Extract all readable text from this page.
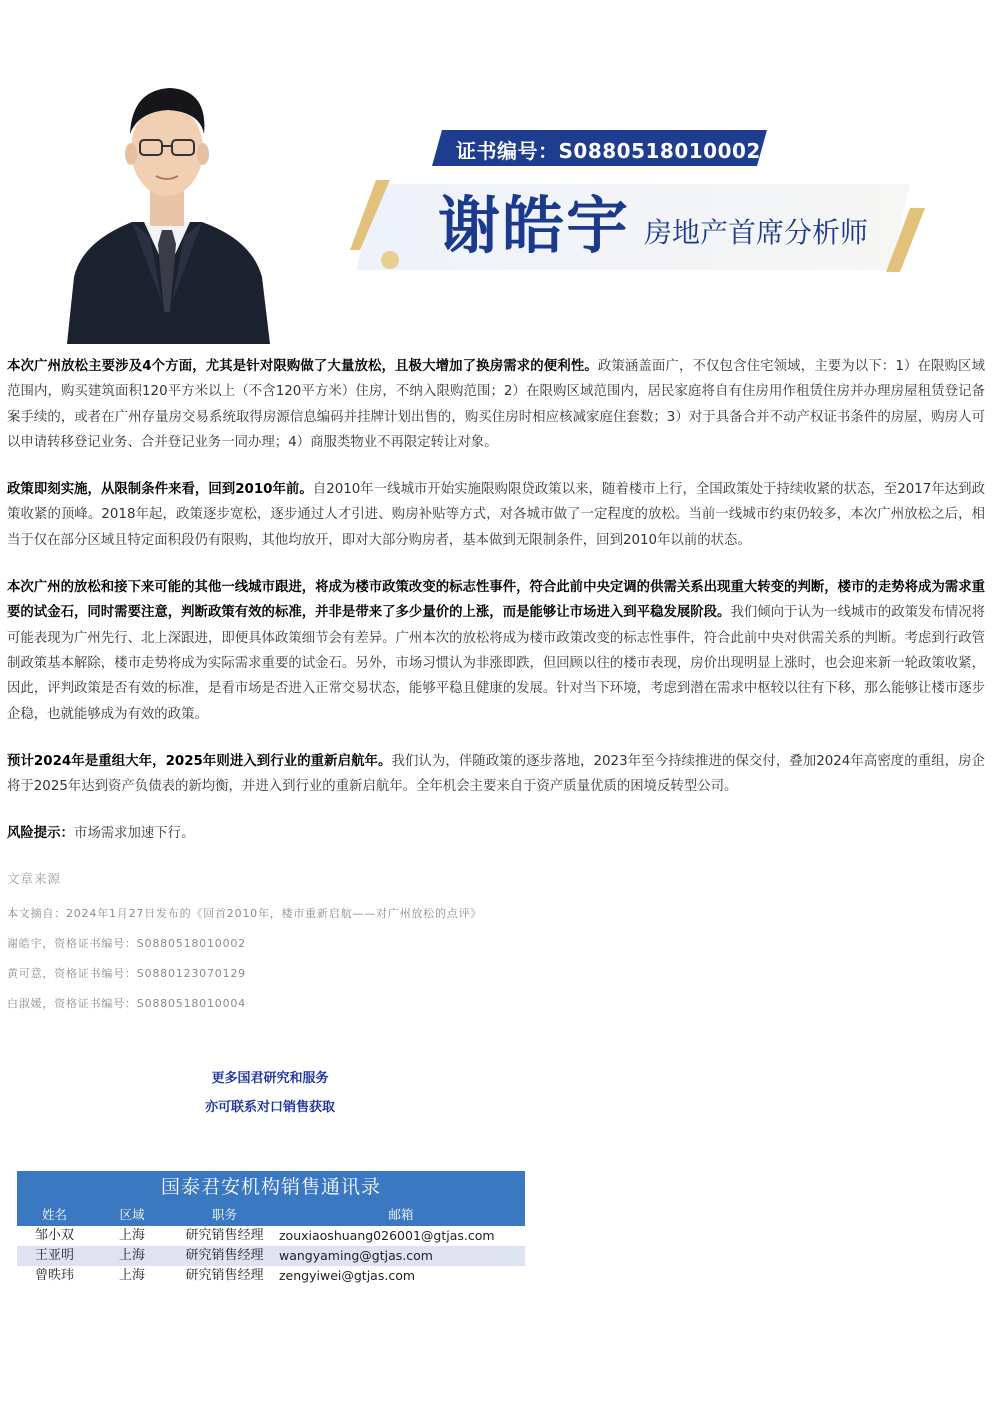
证书编号：S0880518010002
谢皓宇 房地产首席分析师

本次广州放松主要涉及4个方面，尤其是针对限购做了大量放松，且极大增加了换房需求的便利性。政策涵盖面广，不仅包含住宅领域，主要为以下：1）在限购区域范围内，购买建筑面积120平方米以上（不含120平方米）住房，不纳入限购范围；2）在限购区域范围内，居民家庭将自有住房用作租赁住房并办理房屋租赁登记备案手续的，或者在广州存量房交易系统取得房源信息编码并挂牌计划出售的，购买住房时相应核减家庭住套数；3）对于具备合并不动产权证书条件的房屋，购房人可以申请转移登记业务、合并登记业务一同办理；4）商服类物业不再限定转让对象。

政策即刻实施，从限制条件来看，回到2010年前。自2010年一线城市开始实施限购限贷政策以来，随着楼市上行，全国政策处于持续收紧的状态，至2017年达到政策收紧的顶峰。2018年起，政策逐步宽松，逐步通过人才引进、购房补贴等方式，对各城市做了一定程度的放松。当前一线城市约束仍较多，本次广州放松之后，相当于仅在部分区域且特定面积段仍有限购，其他均放开，即对大部分购房者，基本做到无限制条件，回到2010年以前的状态。

本次广州的放松和接下来可能的其他一线城市跟进，将成为楼市政策改变的标志性事件，符合此前中央定调的供需关系出现重大转变的判断，楼市的走势将成为需求重要的试金石，同时需要注意，判断政策有效的标准，并非是带来了多少量价的上涨，而是能够让市场进入到平稳发展阶段。我们倾向于认为一线城市的政策发布情况将可能表现为广州先行、北上深跟进，即便具体政策细节会有差异。广州本次的放松将成为楼市政策改变的标志性事件，符合此前中央对供需关系的判断。考虑到行政管制政策基本解除，楼市走势将成为实际需求重要的试金石。另外，市场习惯认为非涨即跌，但回顾以往的楼市表现，房价出现明显上涨时，也会迎来新一轮政策收紧，因此，评判政策是否有效的标准，是看市场是否进入正常交易状态，能够平稳且健康的发展。针对当下环境，考虑到潜在需求中枢较以往有下移，那么能够让楼市逐步企稳，也就能够成为有效的政策。

预计2024年是重组大年，2025年则进入到行业的重新启航年。我们认为，伴随政策的逐步落地，2023年至今持续推进的保交付，叠加2024年高密度的重组，房企将于2025年达到资产负债表的新均衡，并进入到行业的重新启航年。全年机会主要来自于资产质量优质的困境反转型公司。

风险提示：市场需求加速下行。

文章来源
本文摘自：2024年1月27日发布的《回首2010年，楼市重新启航——对广州放松的点评》
谢皓宇，资格证书编号：S0880518010002
黄可意，资格证书编号：S0880123070129
白淑媛，资格证书编号：S0880518010004
更多国君研究和服务
亦可联系对口销售获取
国泰君安机构销售通讯录
姓名	区域	职务	邮箱
邹小双	上海	研究销售经理	zouxiaoshuang026001@gtjas.com
王亚明	上海	研究销售经理	wangyaming@gtjas.com
曾昳玮	上海	研究销售经理	zengyiwei@gtjas.com
